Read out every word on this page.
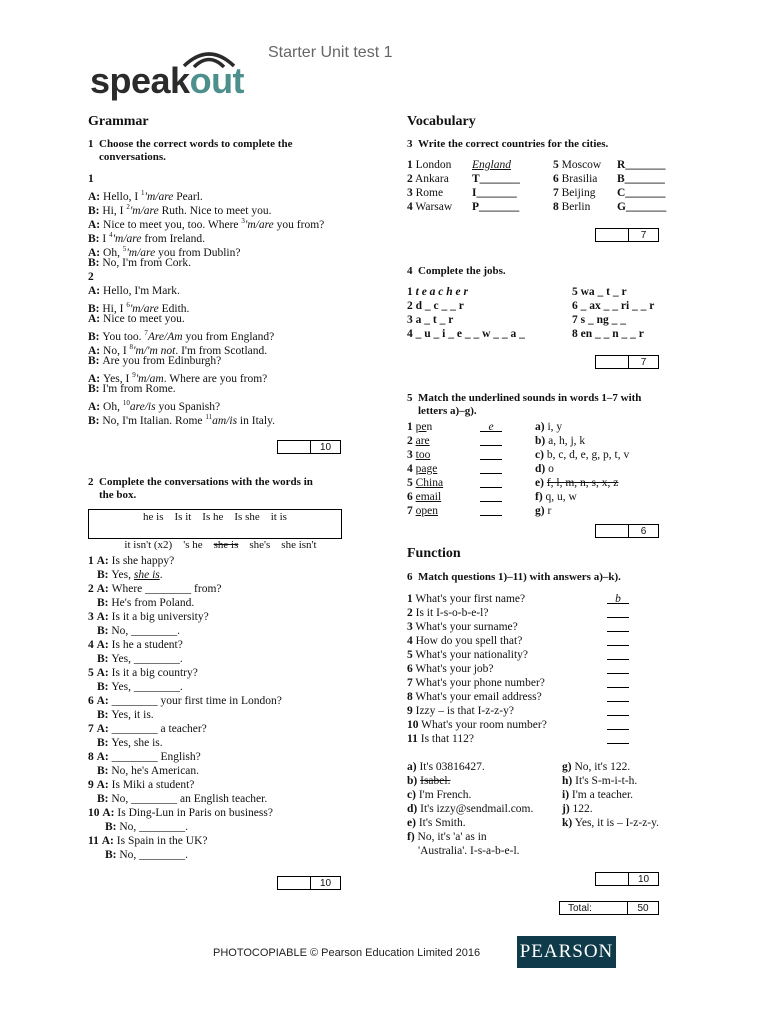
speakout
Starter Unit test 1
Grammar
1 Choose the correct words to complete the
conversations.
1
A: Hello, I $^1$'m/are Pearl.
B: Hi, I $^2$'m/are Ruth. Nice to meet you.
A: Nice to meet you, too. Where $^3$'m/are you from?
B: I $^4$'m/are from Ireland.
A: Oh, $^5$'m/are you from Dublin?
B: No, I'm from Cork.
2
A: Hello, I'm Mark.
B: Hi, I $^6$'m/are Edith.
A: Nice to meet you.
B: You too. $^7$Are/Am you from England?
A: No, I $^8$'m/'m not. I'm from Scotland.
B: Are you from Edinburgh?
A: Yes, I $^9$'m/am. Where are you from?
B: I'm from Rome.
A: Oh, $^{10}$are/is you Spanish?
B: No, I'm Italian. Rome $^{11}$am/is in Italy.
10
2 Complete the conversations with the words in
the box.
he is    Is it    Is he    Is she    it is

it isn't (x2)    's he    she is    she's    she isn't

1 A: Is she happy?
B: Yes, she is.
2 A: Where ________ from?
B: He's from Poland.
3 A: Is it a big university?
B: No, ________.
4 A: Is he a student?
B: Yes, ________.
5 A: Is it a big country?
B: Yes, ________.
6 A: ________ your first time in London?
B: Yes, it is.
7 A: ________ a teacher?
B: Yes, she is.
8 A: ________ English?
B: No, he's American.
9 A: Is Miki a student?
B: No, ________ an English teacher.
10 A: Is Ding-Lun in Paris on business?
B: No, ________.
11 A: Is Spain in the UK?
B: No, ________.
10
Vocabulary
3 Write the correct countries for the cities.
1 London England
2 Ankara T_______
3 Rome	I_______
4 Warsaw P_______
5 Moscow R_______
6 Brasilia B_______
7 Beijing C_______
8 Berlin G_______
7
4 Complete the jobs.
1 t e a c h e r
2 d _ c _ _ r
3 a _ t _ r
4 _ u _ i _ e _ _ w _ _ a _
5 wa _ t _ r
6 _ ax _ _ ri _ _ r
7 s _ ng _ _
8 en _ _ n _ _ r
7
5 Match the underlined sounds in words 1–7 with
letters a)–g).
1 pen	e
2 are
3 too
4 page
5 China
6 email
7 open
a) i, y
b) a, h, j, k
c) b, c, d, e, g, p, t, v
d) o
e) f, l, m, n, s, x, z
f) q, u, w
g) r
6
Function
6 Match questions 1)–11) with answers a)–k).
1 What's your first name?	b
2 Is it I-s-o-b-e-l?
3 What's your surname?
4 How do you spell that?
5 What's your nationality?
6 What's your job?
7 What's your phone number?
8 What's your email address?
9 Izzy – is that I-z-z-y?
10 What's your room number?
11 Is that 112?
a) It's 03816427.
b) Isabel.
c) I'm French.
d) It's izzy@sendmail.com.
e) It's Smith.
f) No, it's 'a' as in
'Australia'. I-s-a-b-e-l.
g) No, it's 122.
h) It's S-m-i-t-h.
i) I'm a teacher.
j) 122.
k) Yes, it is – I-z-z-y.
10
Total:	50
PHOTOCOPIABLE © Pearson Education Limited 2016 PEARSON
